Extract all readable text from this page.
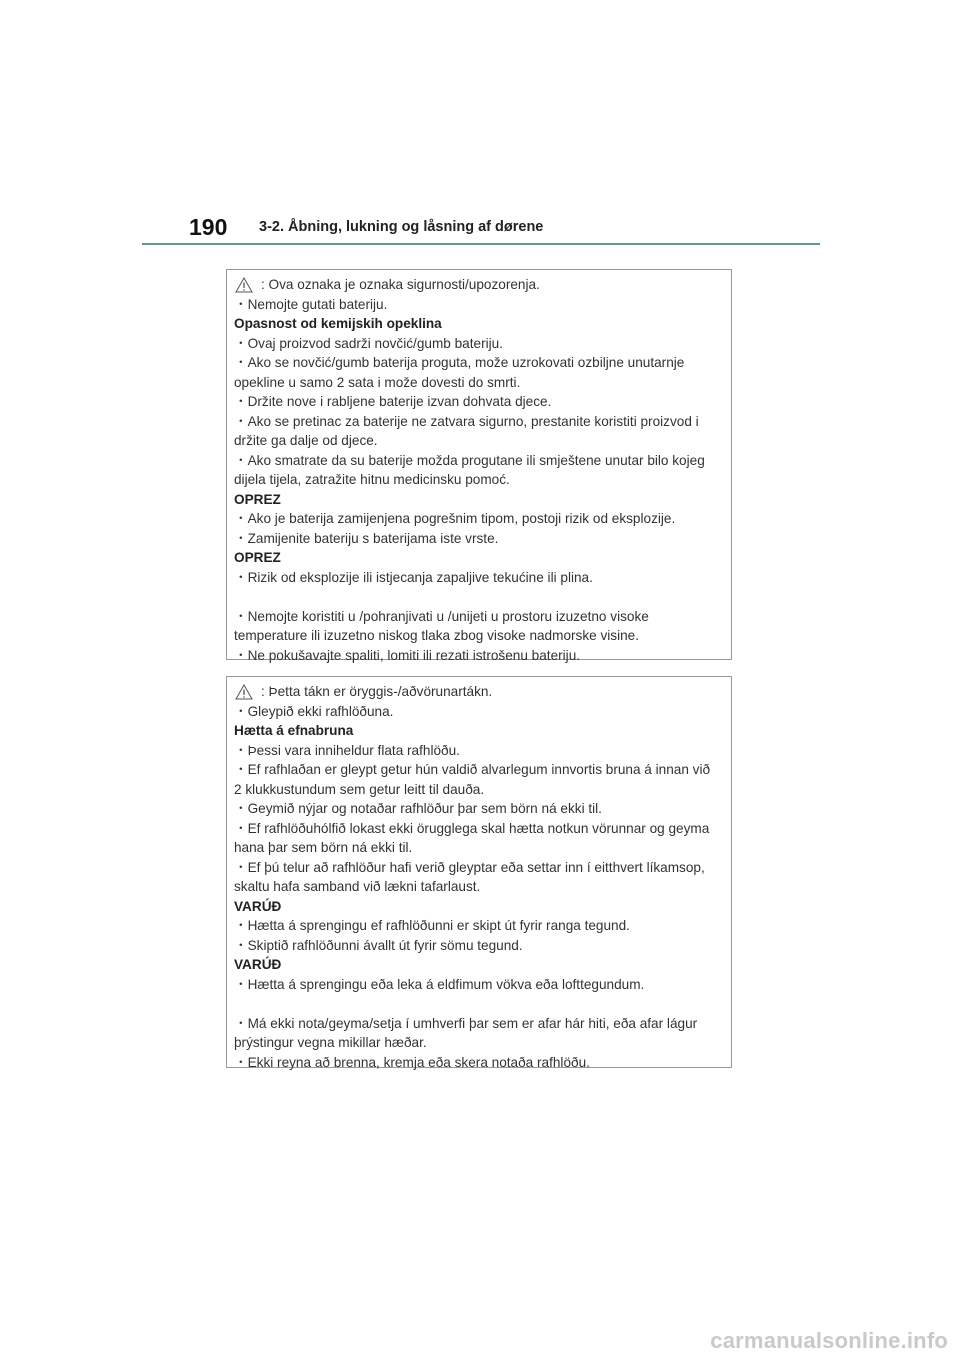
190 3-2. Åbning, lukning og låsning af dørene
: Ova oznaka je oznaka sigurnosti/upozorenja.
・Nemojte gutati bateriju.
Opasnost od kemijskih opeklina
・Ovaj proizvod sadrži novčić/gumb bateriju.
・Ako se novčić/gumb baterija proguta, može uzrokovati ozbiljne unutarnje
opekline u samo 2 sata i može dovesti do smrti.
・Držite nove i rabljene baterije izvan dohvata djece.
・Ako se pretinac za baterije ne zatvara sigurno, prestanite koristiti proizvod i
držite ga dalje od djece.
・Ako smatrate da su baterije možda progutane ili smještene unutar bilo kojeg
dijela tijela, zatražite hitnu medicinsku pomoć.
OPREZ
・Ako je baterija zamijenjena pogrešnim tipom, postoji rizik od eksplozije.
・Zamijenite bateriju s baterijama iste vrste.
OPREZ
・Rizik od eksplozije ili istjecanja zapaljive tekućine ili plina.
・Nemojte koristiti u /pohranjivati u /unijeti u prostoru izuzetno visoke
temperature ili izuzetno niskog tlaka zbog visoke nadmorske visine.
・Ne pokušavajte spaliti, lomiti ili rezati istrošenu bateriju.
: Þetta tákn er öryggis-/aðvörunartákn.
・Gleypið ekki rafhlöðuna.
Hætta á efnabruna
・Þessi vara inniheldur flata rafhlöðu.
・Ef rafhlaðan er gleypt getur hún valdið alvarlegum innvortis bruna á innan við
2 klukkustundum sem getur leitt til dauða.
・Geymið nýjar og notaðar rafhlöður þar sem börn ná ekki til.
・Ef rafhlöðuhólfið lokast ekki örugglega skal hætta notkun vörunnar og geyma
hana þar sem börn ná ekki til.
・Ef þú telur að rafhlöður hafi verið gleyptar eða settar inn í eitthvert líkamsop,
skaltu hafa samband við lækni tafarlaust.
VARÚÐ
・Hætta á sprengingu ef rafhlöðunni er skipt út fyrir ranga tegund.
・Skiptið rafhlöðunni ávallt út fyrir sömu tegund.
VARÚÐ
・Hætta á sprengingu eða leka á eldfimum vökva eða lofttegundum.
・Má ekki nota/geyma/setja í umhverfi þar sem er afar hár hiti, eða afar lágur
þrýstingur vegna mikillar hæðar.
・Ekki reyna að brenna, kremja eða skera notaða rafhlöðu.
carmanualsonline.info
